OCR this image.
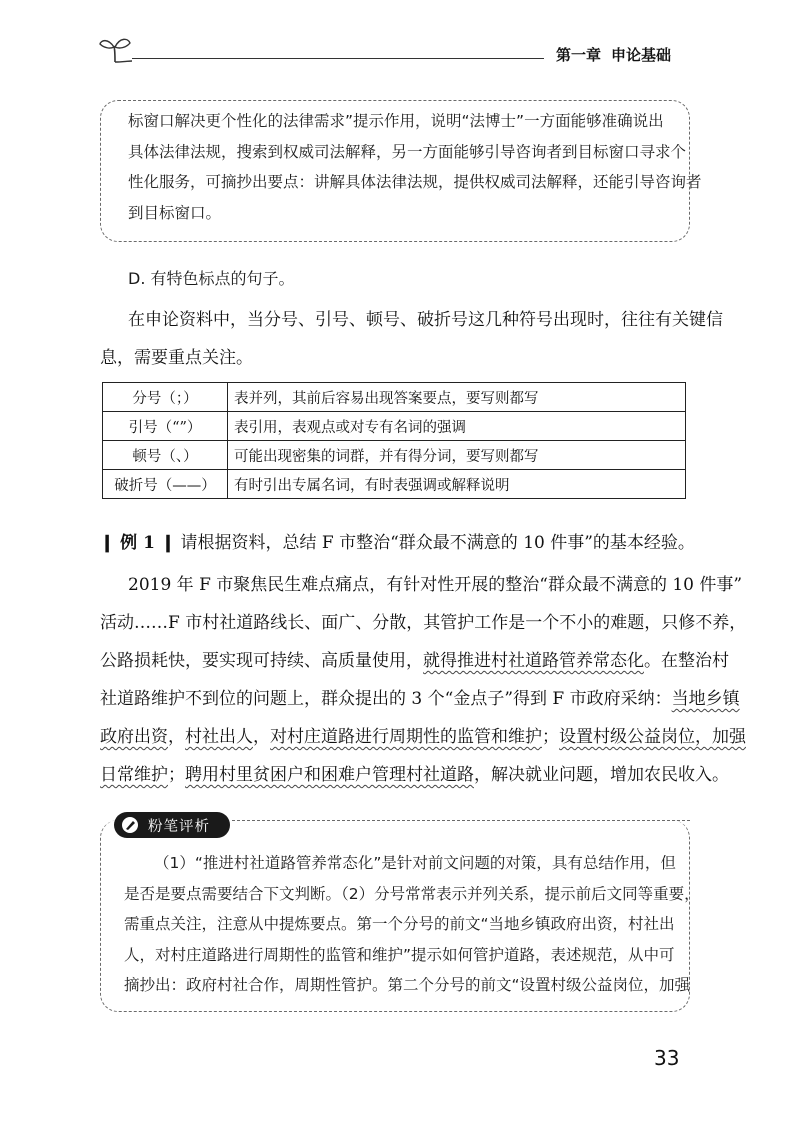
第一章 申论基础
标窗口解决更个性化的法律需求”提示作用，说明“法博士”一方面能够准确说出
具体法律法规，搜索到权威司法解释，另一方面能够引导咨询者到目标窗口寻求个
性化服务，可摘抄出要点：讲解具体法律法规，提供权威司法解释，还能引导咨询者
到目标窗口。
D. 有特色标点的句子。
在申论资料中，当分号、引号、顿号、破折号这几种符号出现时，往往有关键信
息，需要重点关注。
分号（；）	表并列，其前后容易出现答案要点，要写则都写
引号（“”）	表引用，表观点或对专有名词的强调
顿号（、）	可能出现密集的词群，并有得分词，要写则都写
破折号（——）	有时引出专属名词，有时表强调或解释说明
❙ 例 1 ❙ 请根据资料，总结 F 市整治“群众最不满意的 10 件事”的基本经验。
2019 年 F 市聚焦民生难点痛点，有针对性开展的整治“群众最不满意的 10 件事”
活动……F 市村社道路线长、面广、分散，其管护工作是一个不小的难题，只修不养，
公路损耗快，要实现可持续、高质量使用，就得推进村社道路管养常态化。在整治村
社道路维护不到位的问题上，群众提出的 3 个“金点子”得到 F 市政府采纳：当地乡镇
政府出资，村社出人，对村庄道路进行周期性的监管和维护；设置村级公益岗位，加强
日常维护；聘用村里贫困户和困难户管理村社道路，解决就业问题，增加农民收入。
粉笔评析
（1）“推进村社道路管养常态化”是针对前文问题的对策，具有总结作用，但
是否是要点需要结合下文判断。（2）分号常常表示并列关系，提示前后文同等重要，
需重点关注，注意从中提炼要点。第一个分号的前文“当地乡镇政府出资，村社出
人，对村庄道路进行周期性的监管和维护”提示如何管护道路，表述规范，从中可
摘抄出：政府村社合作，周期性管护。第二个分号的前文“设置村级公益岗位，加强
33
